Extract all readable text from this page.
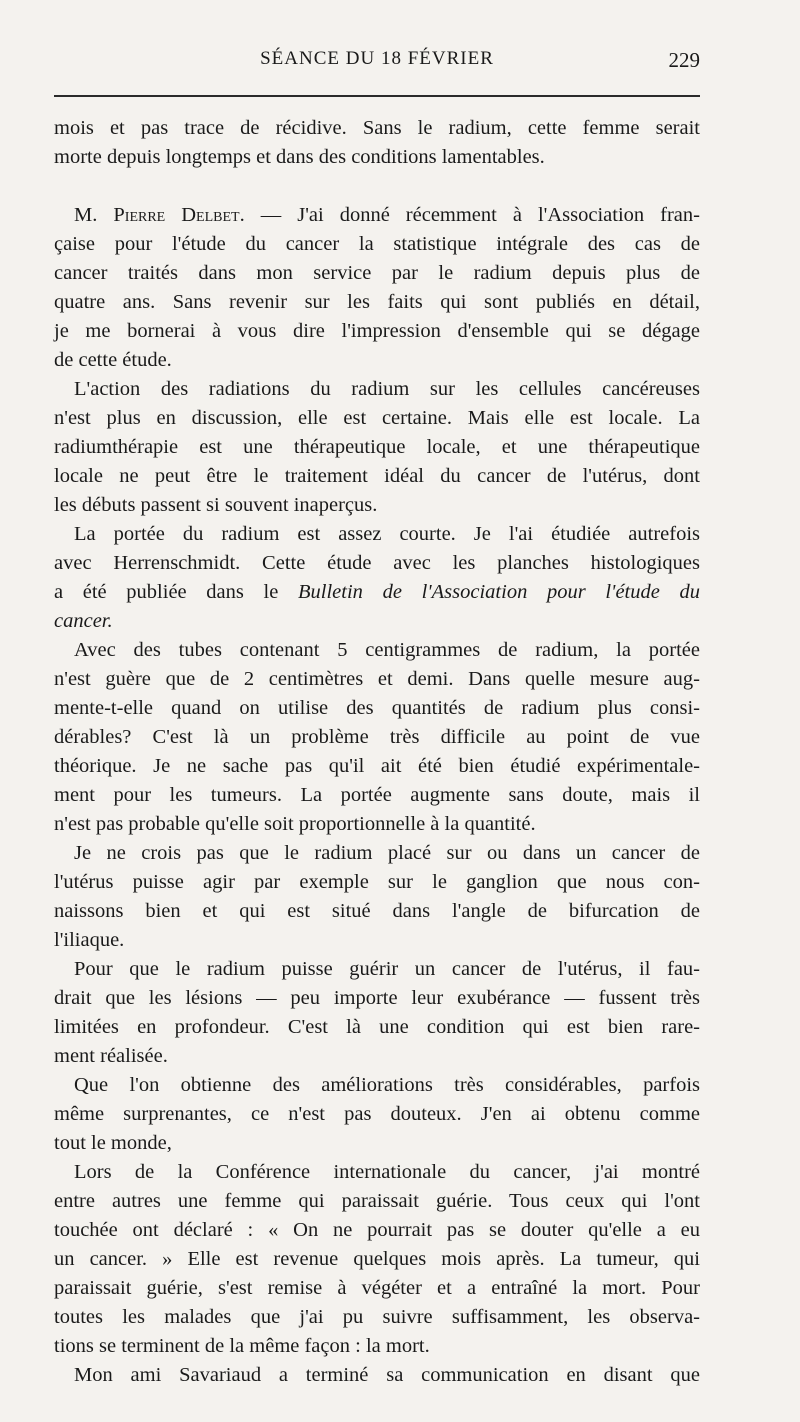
SÉANCE DU 18 FÉVRIER	229
mois et pas trace de récidive. Sans le radium, cette femme serait
morte depuis longtemps et dans des conditions lamentables.
M. Pierre Delbet. — J'ai donné récemment à l'Association fran-
çaise pour l'étude du cancer la statistique intégrale des cas de
cancer traités dans mon service par le radium depuis plus de
quatre ans. Sans revenir sur les faits qui sont publiés en détail,
je me bornerai à vous dire l'impression d'ensemble qui se dégage
de cette étude.
L'action des radiations du radium sur les cellules cancéreuses
n'est plus en discussion, elle est certaine. Mais elle est locale. La
radiumthérapie est une thérapeutique locale, et une thérapeutique
locale ne peut être le traitement idéal du cancer de l'utérus, dont
les débuts passent si souvent inaperçus.
La portée du radium est assez courte. Je l'ai étudiée autrefois
avec Herrenschmidt. Cette étude avec les planches histologiques
a été publiée dans le Bulletin de l'Association pour l'étude du
cancer.
Avec des tubes contenant 5 centigrammes de radium, la portée
n'est guère que de 2 centimètres et demi. Dans quelle mesure aug-
mente-t-elle quand on utilise des quantités de radium plus consi-
dérables? C'est là un problème très difficile au point de vue
théorique. Je ne sache pas qu'il ait été bien étudié expérimentale-
ment pour les tumeurs. La portée augmente sans doute, mais il
n'est pas probable qu'elle soit proportionnelle à la quantité.
Je ne crois pas que le radium placé sur ou dans un cancer de
l'utérus puisse agir par exemple sur le ganglion que nous con-
naissons bien et qui est situé dans l'angle de bifurcation de
l'iliaque.
Pour que le radium puisse guérir un cancer de l'utérus, il fau-
drait que les lésions — peu importe leur exubérance — fussent très
limitées en profondeur. C'est là une condition qui est bien rare-
ment réalisée.
Que l'on obtienne des améliorations très considérables, parfois
même surprenantes, ce n'est pas douteux. J'en ai obtenu comme
tout le monde,
Lors de la Conférence internationale du cancer, j'ai montré
entre autres une femme qui paraissait guérie. Tous ceux qui l'ont
touchée ont déclaré : « On ne pourrait pas se douter qu'elle a eu
un cancer. » Elle est revenue quelques mois après. La tumeur, qui
paraissait guérie, s'est remise à végéter et a entraîné la mort. Pour
toutes les malades que j'ai pu suivre suffisamment, les observa-
tions se terminent de la même façon : la mort.
Mon ami Savariaud a terminé sa communication en disant que
